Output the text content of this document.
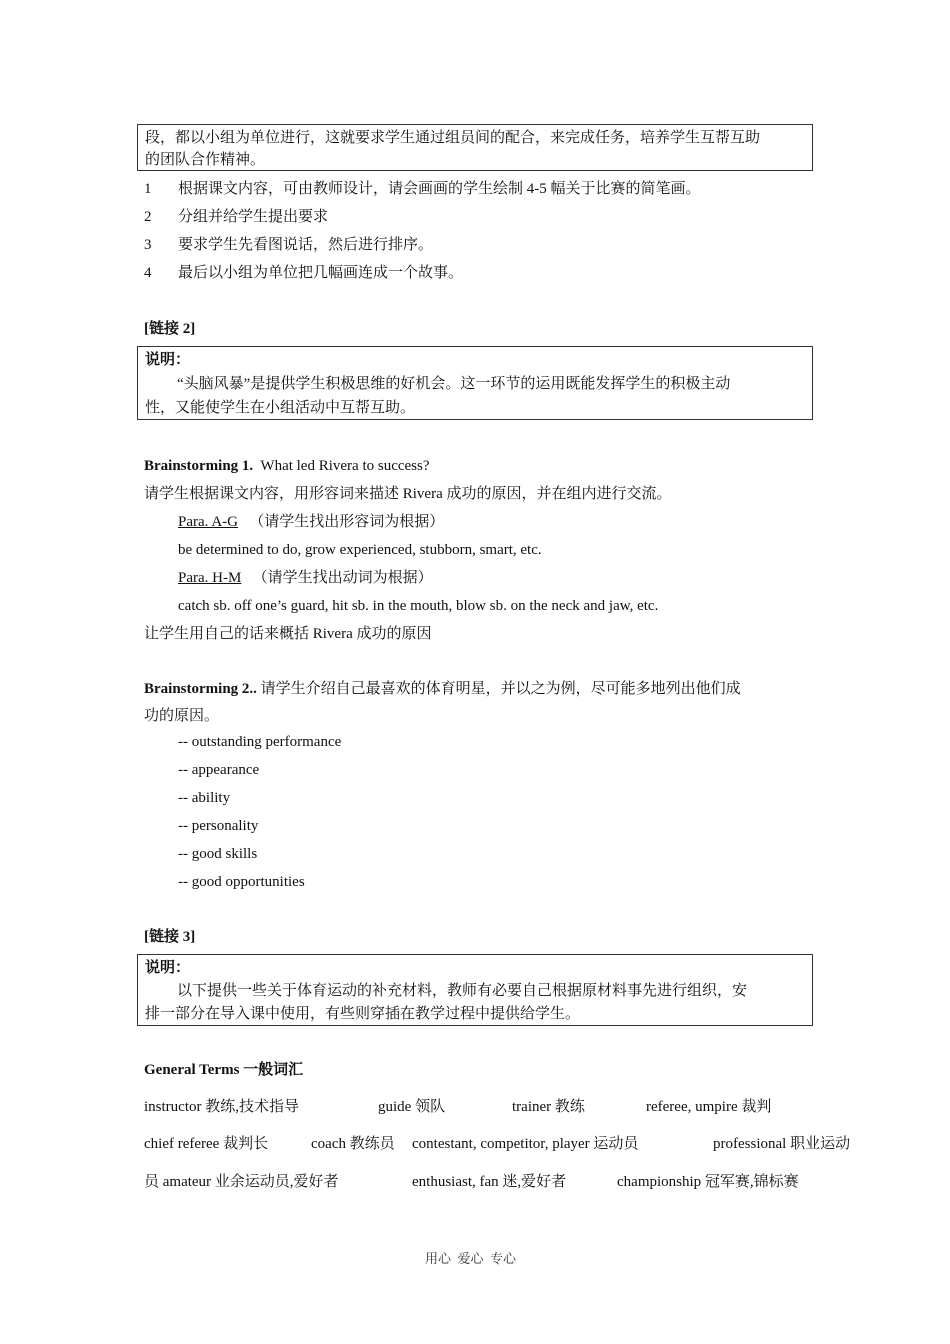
段，都以小组为单位进行，这就要求学生通过组员间的配合，来完成任务，培养学生互帮互助
的团队合作精神。
1 根据课文内容，可由教师设计，请会画画的学生绘制 4-5 幅关于比赛的简笔画。
2 分组并给学生提出要求
3 要求学生先看图说话，然后进行排序。
4 最后以小组为单位把几幅画连成一个故事。
[链接 2]
说明：
“头脑风暴”是提供学生积极思维的好机会。这一环节的运用既能发挥学生的积极主动
性，又能使学生在小组活动中互帮互助。
Brainstorming 1. What led Rivera to success?
请学生根据课文内容，用形容词来描述 Rivera 成功的原因，并在组内进行交流。
Para. A-G （请学生找出形容词为根据）
be determined to do, grow experienced, stubborn, smart, etc.
Para. H-M （请学生找出动词为根据）
catch sb. off one’s guard, hit sb. in the mouth, blow sb. on the neck and jaw, etc.
让学生用自己的话来概括 Rivera 成功的原因
Brainstorming 2.. 请学生介绍自己最喜欢的体育明星，并以之为例，尽可能多地列出他们成
功的原因。
-- outstanding performance
-- appearance
-- ability
-- personality
-- good skills
-- good opportunities
[链接 3]
说明：
以下提供一些关于体育运动的补充材料，教师有必要自己根据原材料事先进行组织，安
排一部分在导入课中使用，有些则穿插在教学过程中提供给学生。
General Terms 一般词汇
instructor 教练,技术指导	guide 领队	trainer 教练	referee, umpire 裁判
chief referee 裁判长	coach 教练员 contestant, competitor, player 运动员	professional 职业运动
员 amateur 业余运动员,爱好者	enthusiast, fan 迷,爱好者	championship 冠军赛,锦标赛
用心  爱心  专心
